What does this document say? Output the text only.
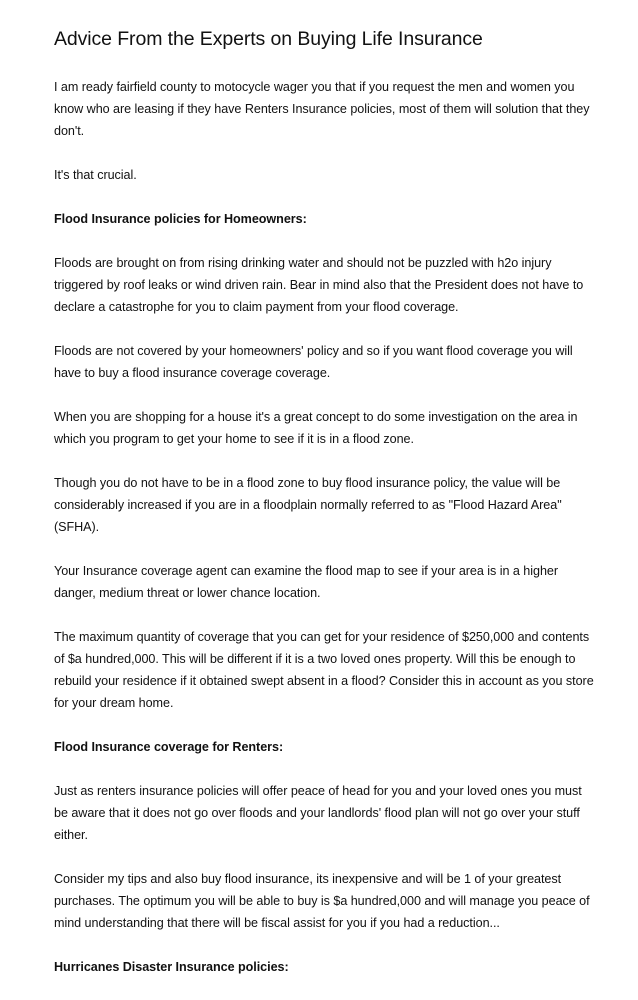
Advice From the Experts on Buying Life Insurance

I am ready fairfield county to motocycle wager you that if you request the men and women you know who are leasing if they have Renters Insurance policies, most of them will solution that they don't.

It's that crucial.

Flood Insurance policies for Homeowners:

Floods are brought on from rising drinking water and should not be puzzled with h2o injury triggered by roof leaks or wind driven rain. Bear in mind also that the President does not have to declare a catastrophe for you to claim payment from your flood coverage.

Floods are not covered by your homeowners' policy and so if you want flood coverage you will have to buy a flood insurance coverage coverage.

When you are shopping for a house it's a great concept to do some investigation on the area in which you program to get your home to see if it is in a flood zone.

Though you do not have to be in a flood zone to buy flood insurance policy, the value will be considerably increased if you are in a floodplain normally referred to as "Flood Hazard Area" (SFHA).

Your Insurance coverage agent can examine the flood map to see if your area is in a higher danger, medium threat or lower chance location.

The maximum quantity of coverage that you can get for your residence of $250,000 and contents of $a hundred,000. This will be different if it is a two loved ones property. Will this be enough to rebuild your residence if it obtained swept absent in a flood? Consider this in account as you store for your dream home.

Flood Insurance coverage for Renters:

Just as renters insurance policies will offer peace of head for you and your loved ones you must be aware that it does not go over floods and your landlords' flood plan will not go over your stuff either.

Consider my tips and also buy flood insurance, its inexpensive and will be 1 of your greatest purchases. The optimum you will be able to buy is $a hundred,000 and will manage you peace of mind understanding that there will be fiscal assist for you if you had a reduction...

Hurricanes Disaster Insurance policies:
